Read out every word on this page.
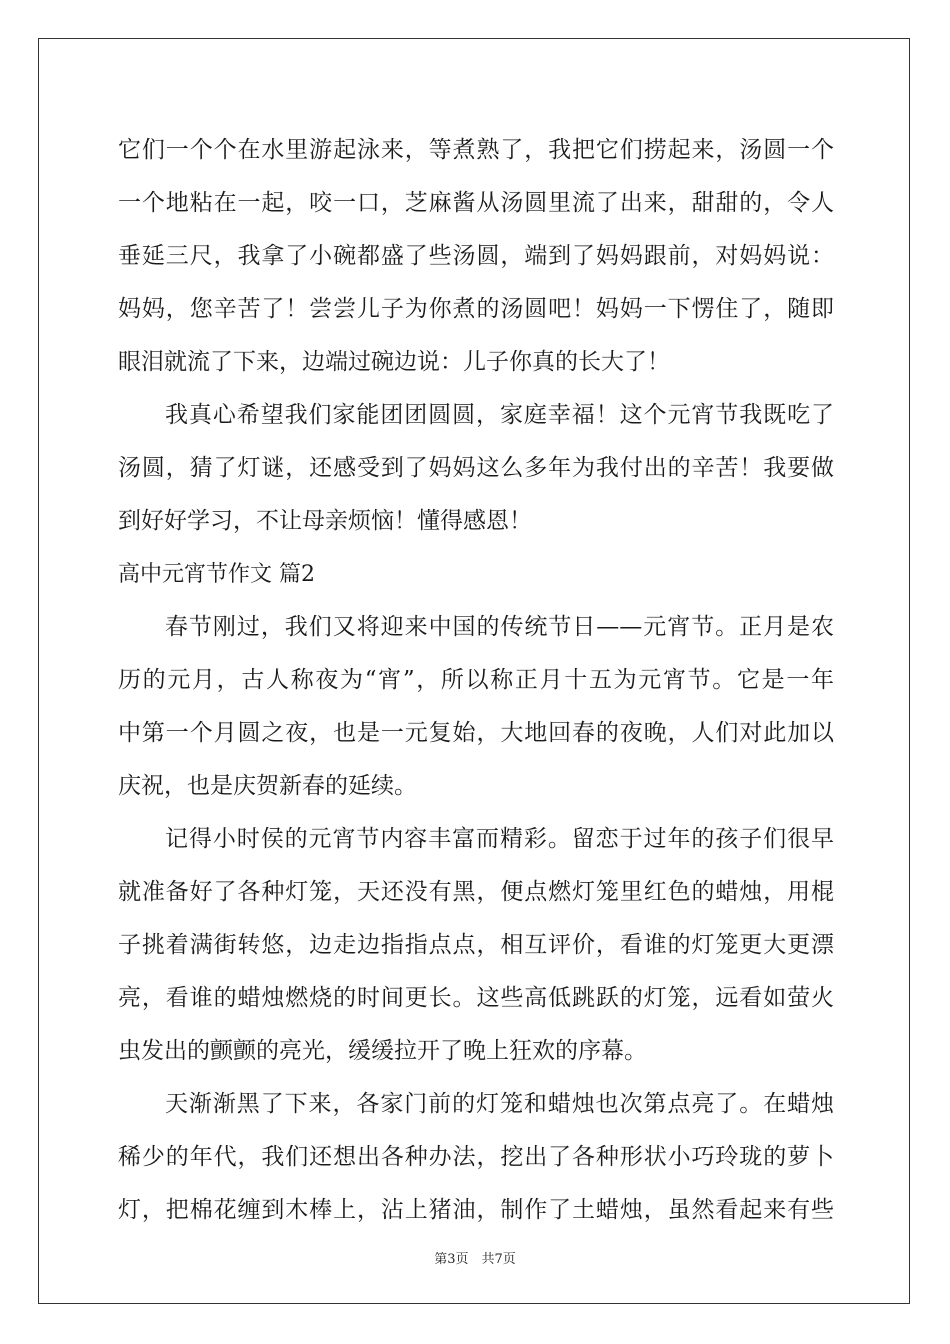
它们一个个在水里游起泳来，等煮熟了，我把它们捞起来，汤圆一个
一个地粘在一起，咬一口，芝麻酱从汤圆里流了出来，甜甜的，令人
垂延三尺，我拿了小碗都盛了些汤圆，端到了妈妈跟前，对妈妈说：
妈妈，您辛苦了！尝尝儿子为你煮的汤圆吧！妈妈一下愣住了，随即
眼泪就流了下来，边端过碗边说：儿子你真的长大了！
我真心希望我们家能团团圆圆，家庭幸福！这个元宵节我既吃了
汤圆，猜了灯谜，还感受到了妈妈这么多年为我付出的辛苦！我要做
到好好学习，不让母亲烦恼！懂得感恩！
高中元宵节作文 篇2
春节刚过，我们又将迎来中国的传统节日——元宵节。正月是农
历的元月，古人称夜为“宵”，所以称正月十五为元宵节。它是一年
中第一个月圆之夜，也是一元复始，大地回春的夜晚，人们对此加以
庆祝，也是庆贺新春的延续。
记得小时侯的元宵节内容丰富而精彩。留恋于过年的孩子们很早
就准备好了各种灯笼，天还没有黑，便点燃灯笼里红色的蜡烛，用棍
子挑着满街转悠，边走边指指点点，相互评价，看谁的灯笼更大更漂
亮，看谁的蜡烛燃烧的时间更长。这些高低跳跃的灯笼，远看如萤火
虫发出的颤颤的亮光，缓缓拉开了晚上狂欢的序幕。
天渐渐黑了下来，各家门前的灯笼和蜡烛也次第点亮了。在蜡烛
稀少的年代，我们还想出各种办法，挖出了各种形状小巧玲珑的萝卜
灯，把棉花缠到木棒上，沾上猪油，制作了土蜡烛，虽然看起来有些
第3页　共7页
